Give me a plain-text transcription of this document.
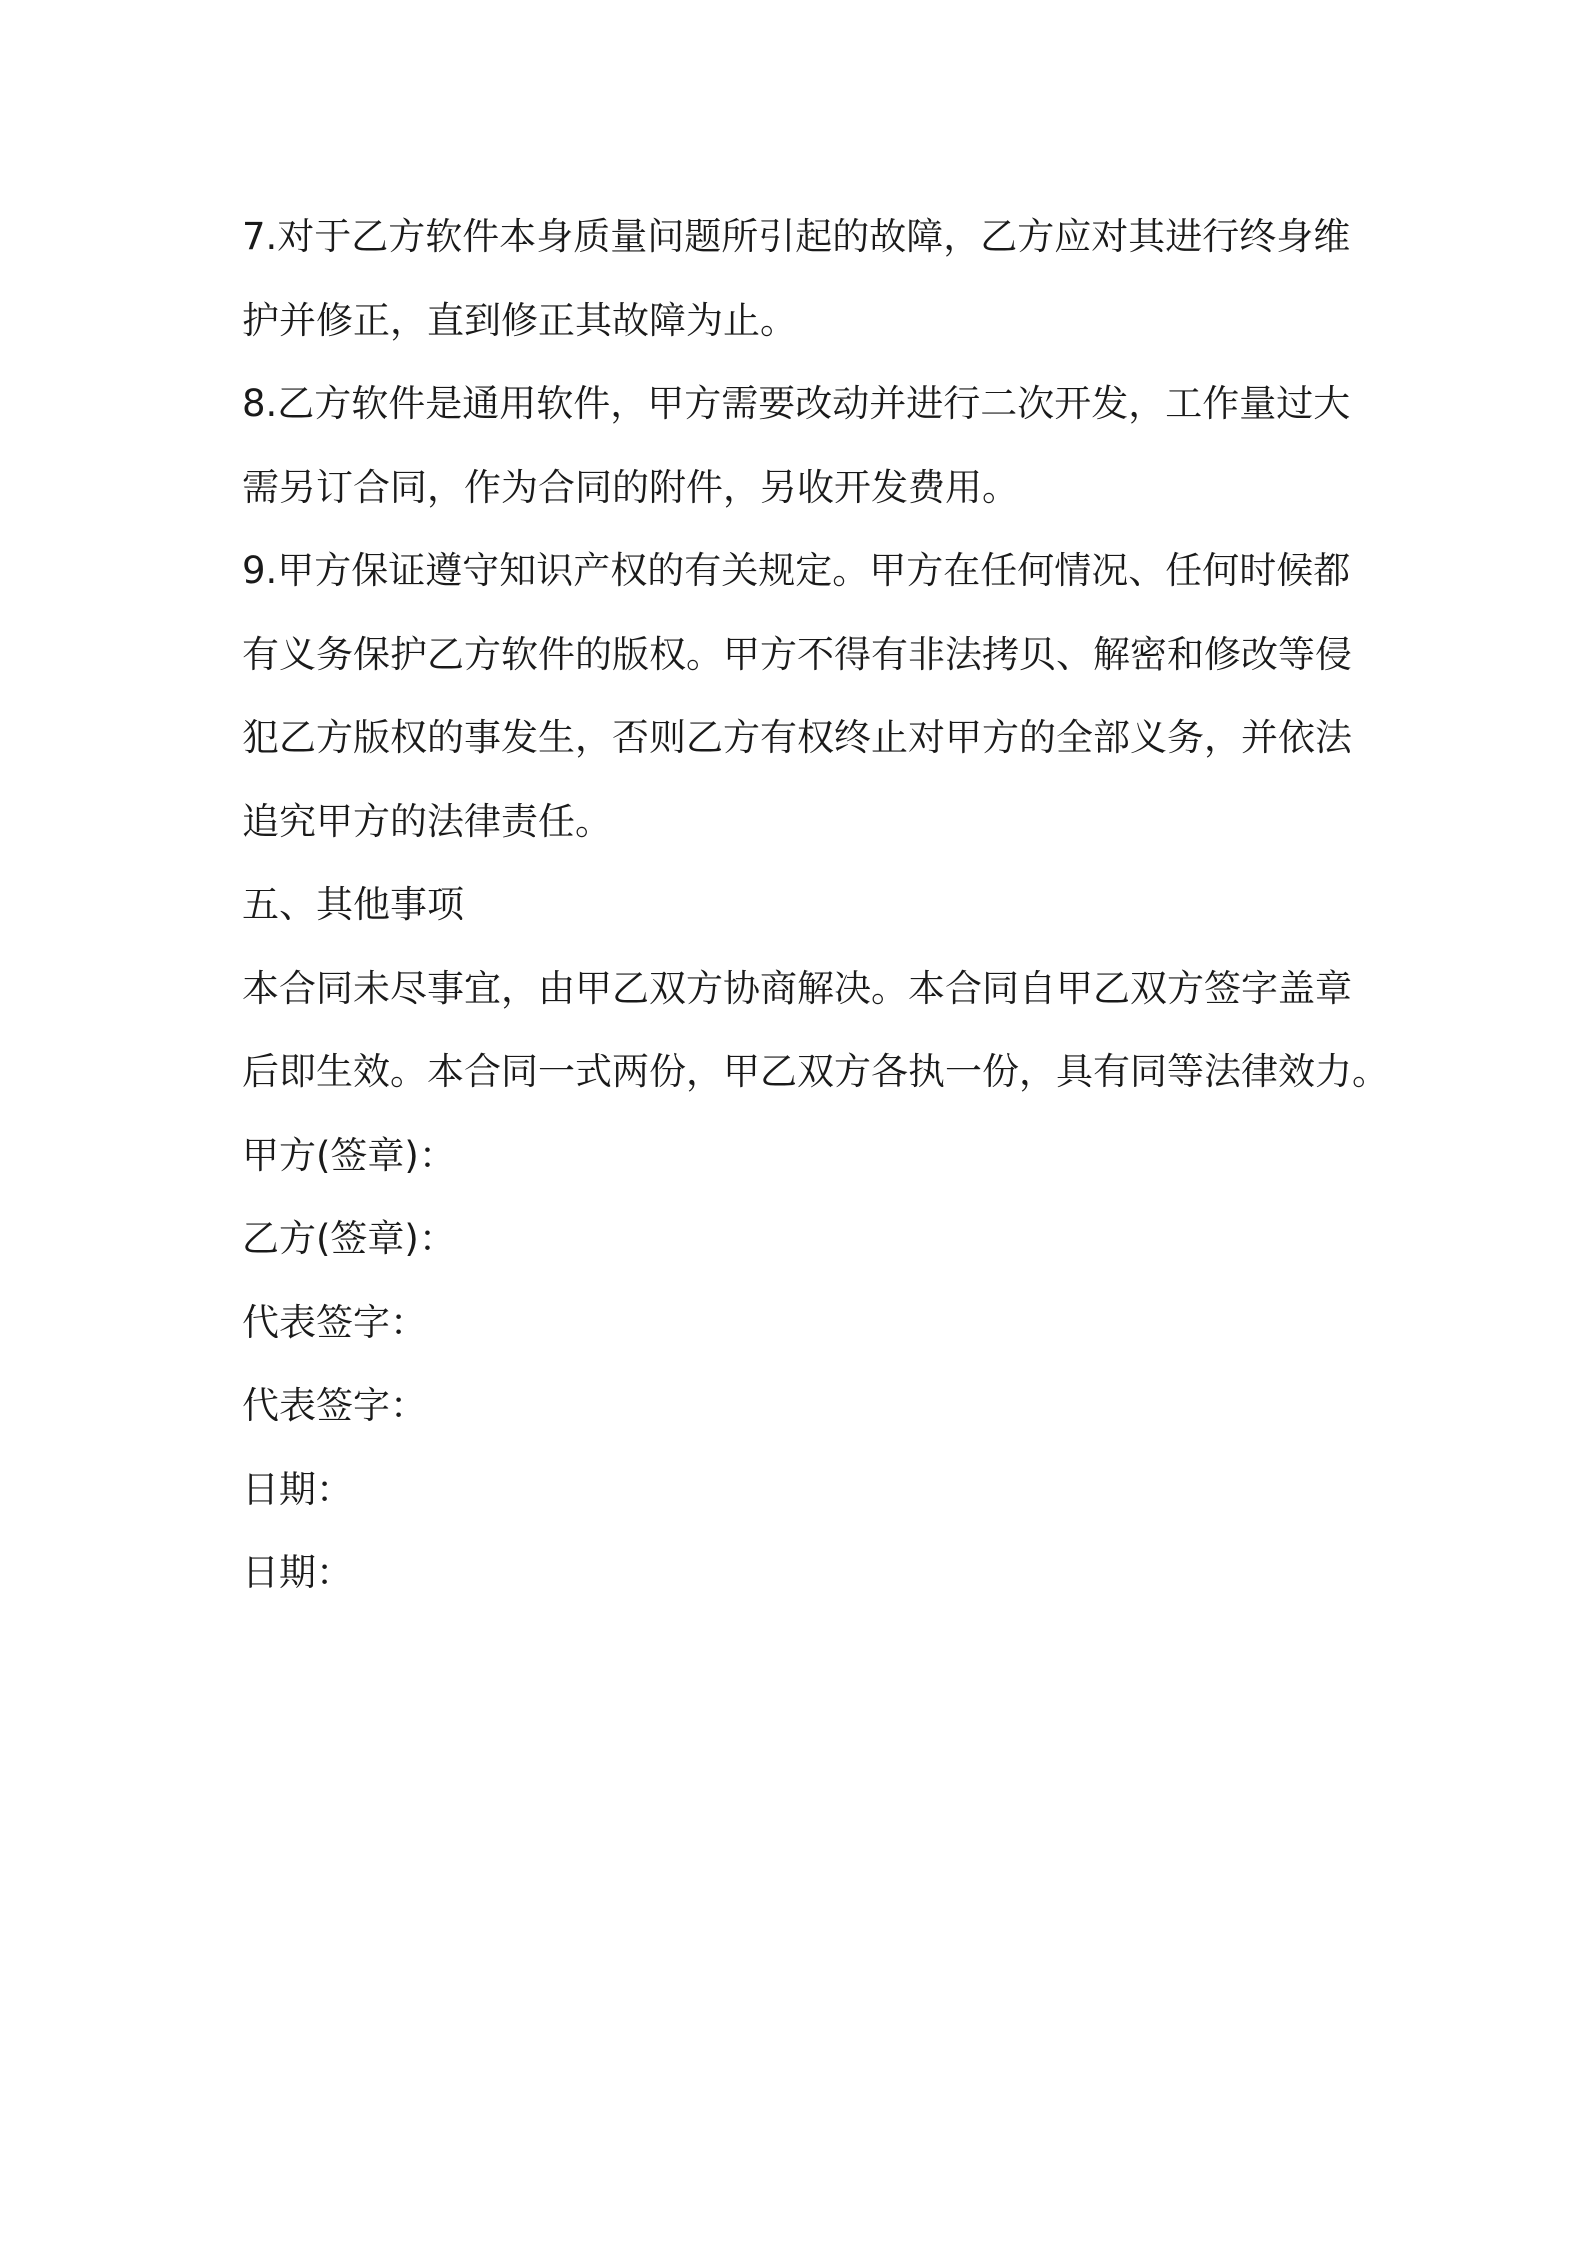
7.对于乙方软件本身质量问题所引起的故障，乙方应对其进行终身维
护并修正，直到修正其故障为止。
8.乙方软件是通用软件，甲方需要改动并进行二次开发，工作量过大
需另订合同，作为合同的附件，另收开发费用。
9.甲方保证遵守知识产权的有关规定。甲方在任何情况、任何时候都
有义务保护乙方软件的版权。甲方不得有非法拷贝、解密和修改等侵
犯乙方版权的事发生，否则乙方有权终止对甲方的全部义务，并依法
追究甲方的法律责任。
五、其他事项
本合同未尽事宜，由甲乙双方协商解决。本合同自甲乙双方签字盖章
后即生效。本合同一式两份，甲乙双方各执一份，具有同等法律效力。
甲方(签章)：
乙方(签章)：
代表签字：
代表签字：
日期：
日期：
